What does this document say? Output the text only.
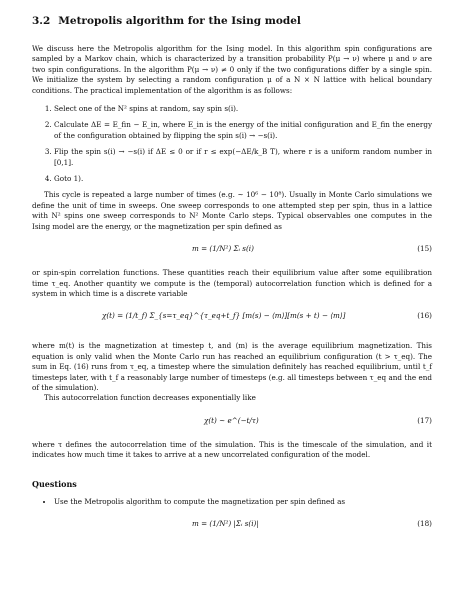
3.2 Metropolis algorithm for the Ising model

We discuss here the Metropolis algorithm for the Ising model. In this algorithm spin configurations are sampled by a Markov chain, which is characterized by a transition probability P(μ → ν) where μ and ν are two spin configurations. In the algorithm P(μ → ν) ≠ 0 only if the two configurations differ by a single spin. We initialize the system by selecting a random configuration μ of a N × N lattice with helical boundary conditions. The practical implementation of the algorithm is as follows:

1. Select one of the N² spins at random, say spin s(i).
2. Calculate ΔE = E_fin − E_in, where E_in is the energy of the initial configuration and E_fin the energy of the configuration obtained by flipping the spin s(i) → −s(i).
3. Flip the spin s(i) → −s(i) if ΔE ≤ 0 or if r ≤ exp(−ΔE/k_B T), where r is a uniform random number in [0,1].
4. Goto 1).

This cycle is repeated a large number of times (e.g. ~ 10⁶ − 10⁸). Usually in Monte Carlo simulations we define the unit of time in sweeps. One sweep corresponds to one attempted step per spin, thus in a lattice with N² spins one sweep corresponds to N² Monte Carlo steps. Typical observables one computes in the Ising model are the energy, or the magnetization per spin defined as

m = (1/N²) Σᵢ s(i)	(15)

or spin-spin correlation functions. These quantities reach their equilibrium value after some equilibration time τ_eq. Another quantity we compute is the (temporal) autocorrelation function which is defined for a system in which time is a discrete variable

χ(t) = (1/t_f) Σ_{s=τ_eq}^{τ_eq+t_f} [m(s) − ⟨m⟩][m(s + t) − ⟨m⟩]	(16)

where m(t) is the magnetization at timestep t, and ⟨m⟩ is the average equilibrium magnetization. This equation is only valid when the Monte Carlo run has reached an equilibrium configuration (t > τ_eq). The sum in Eq. (16) runs from τ_eq, a timestep where the simulation definitely has reached equilibrium, until t_f timesteps later, with t_f a reasonably large number of timesteps (e.g. all timesteps between τ_eq and the end of the simulation).

This autocorrelation function decreases exponentially like

χ(t) ~ e^(−t/τ)	(17)

where τ defines the autocorrelation time of the simulation. This is the timescale of the simulation, and it indicates how much time it takes to arrive at a new uncorrelated configuration of the model.

Questions
• Use the Metropolis algorithm to compute the magnetization per spin defined as
m = (1/N²) |Σᵢ s(i)|	(18)
